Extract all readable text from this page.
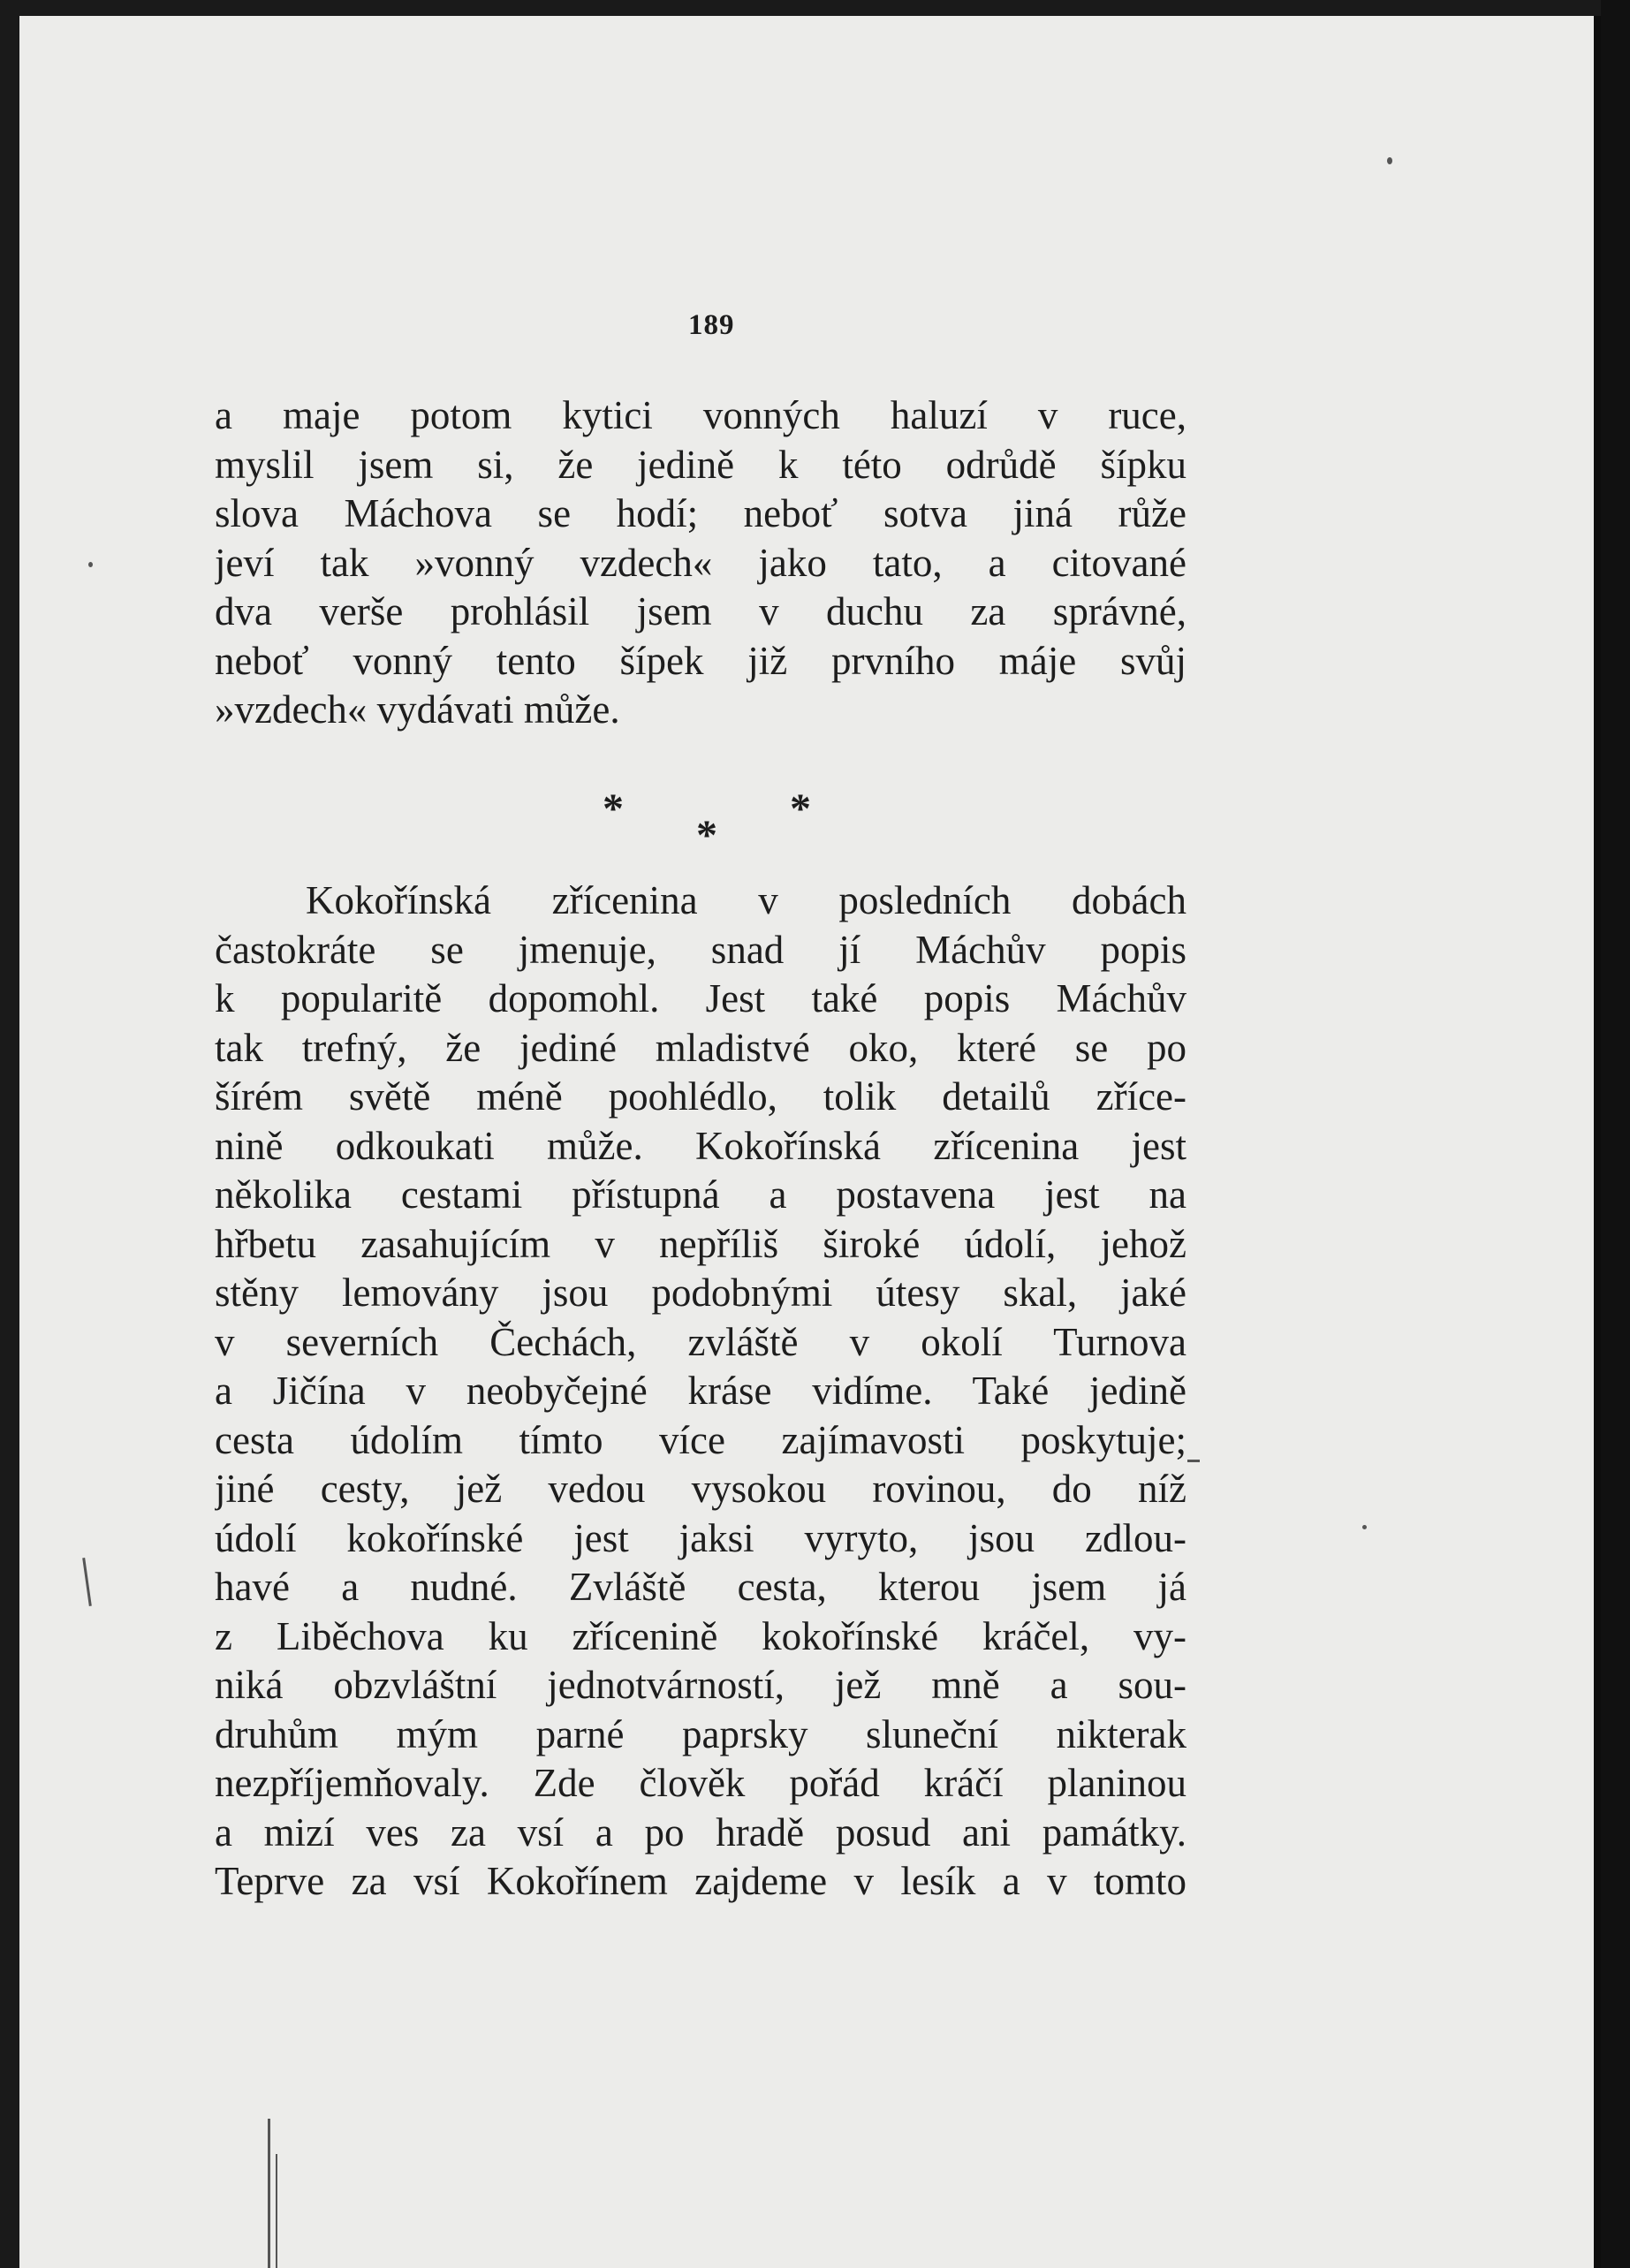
189
a maje potom kytici vonných haluzí v ruce,
myslil jsem si, že jedině k této odrůdě šípku
slova Máchova se hodí; neboť sotva jiná růže
jeví tak »vonný vzdech« jako tato, a citované
dva verše prohlásil jsem v duchu za správné,
neboť vonný tento šípek již prvního máje svůj
»vzdech« vydávati může.
*	*
*
Kokořínská zřícenina v posledních dobách
častokráte se jmenuje, snad jí Máchův popis
k popularitě dopomohl. Jest také popis Máchův
tak trefný, že jediné mladistvé oko, které se po
šírém světě méně poohlédlo, tolik detailů zříce-
nině odkoukati může. Kokořínská zřícenina jest
několika cestami přístupná a postavena jest na
hřbetu zasahujícím v nepříliš široké údolí, jehož
stěny lemovány jsou podobnými útesy skal, jaké
v severních Čechách, zvláště v okolí Turnova
a Jičína v neobyčejné kráse vidíme. Také jedině
cesta údolím tímto více zajímavosti poskytuje;
jiné cesty, jež vedou vysokou rovinou, do níž
údolí kokořínské jest jaksi vyryto, jsou zdlou-
havé a nudné. Zvláště cesta, kterou jsem já
z Liběchova ku zřícenině kokořínské kráčel, vy-
niká obzvláštní jednotvárností, jež mně a sou-
druhům mým parné paprsky sluneční nikterak
nezpříjemňovaly. Zde člověk pořád kráčí planinou
a mizí ves za vsí a po hradě posud ani památky.
Teprve za vsí Kokořínem zajdeme v lesík a v tomto
